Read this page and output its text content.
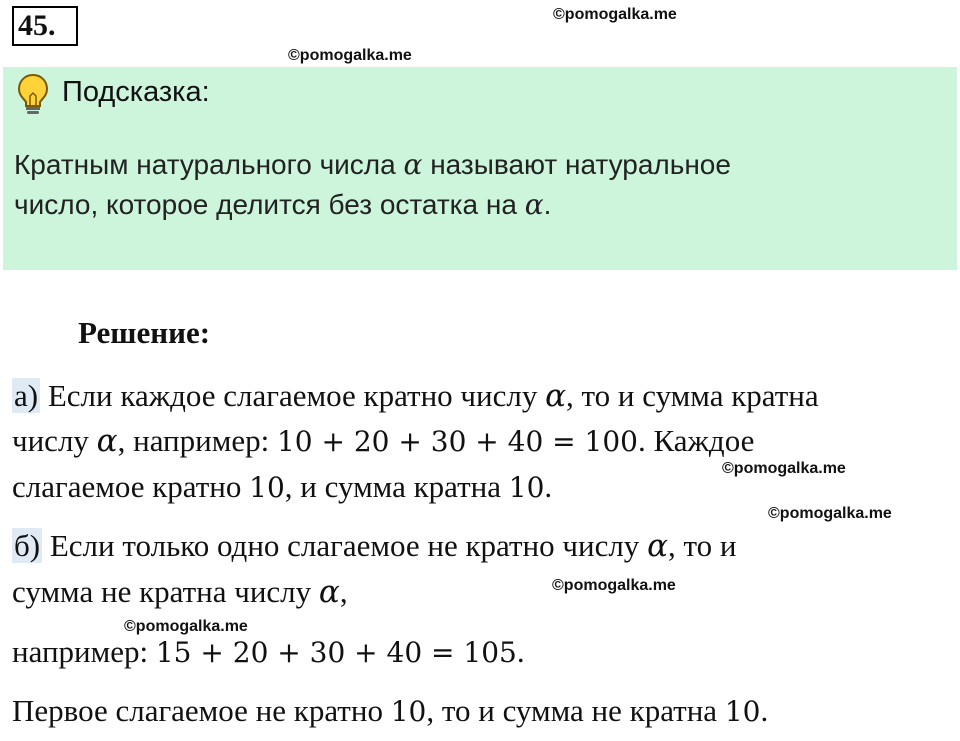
45.	©pomogalka.me
©pomogalka.me
Подсказка:
Кратным натурального числа α называют натуральное
число, которое делится без остатка на α.
Решение:
а) Если каждое слагаемое кратно числу α, то и сумма кратна
числу α, например: 10 + 20 + 30 + 40 = 100. Каждое
©pomogalka.me
слагаемое кратно 10, и сумма кратна 10.
©pomogalka.me
б) Если только одно слагаемое не кратно числу α, то и
©pomogalka.me
сумма не кратна числу α,
©pomogalka.me
например: 15 + 20 + 30 + 40 = 105.
Первое слагаемое не кратно 10, то и сумма не кратна 10.
